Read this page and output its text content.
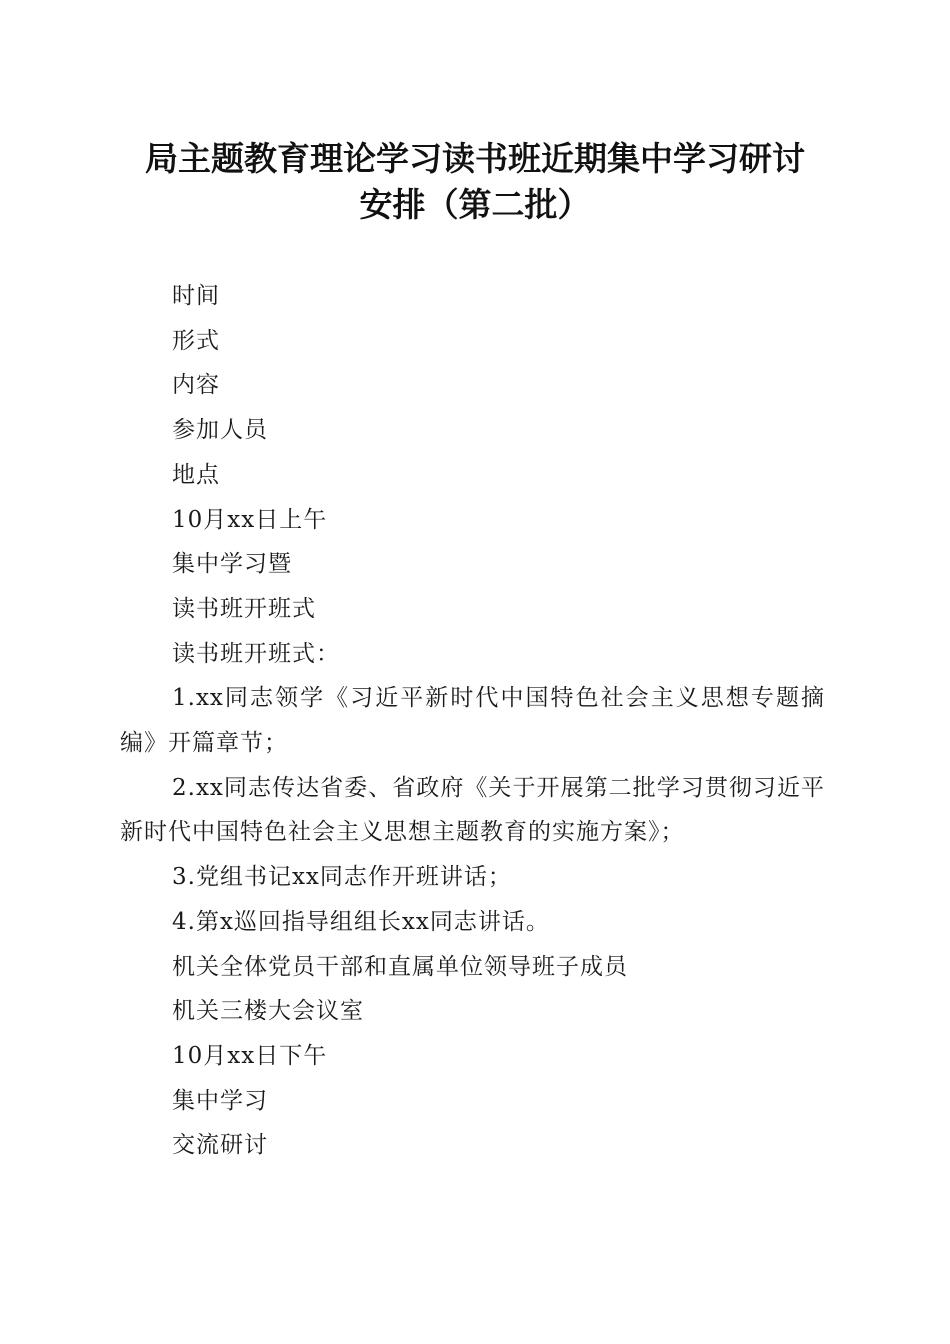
局主题教育理论学习读书班近期集中学习研讨
安排（第二批）

时间

形式

内容

参加人员

地点

10月xx日上午

集中学习暨

读书班开班式

读书班开班式：

1.xx同志领学《习近平新时代中国特色社会主义思想专题摘编》开篇章节；

2.xx同志传达省委、省政府《关于开展第二批学习贯彻习近平新时代中国特色社会主义思想主题教育的实施方案》；

3.党组书记xx同志作开班讲话；

4.第x巡回指导组组长xx同志讲话。

机关全体党员干部和直属单位领导班子成员

机关三楼大会议室

10月xx日下午

集中学习

交流研讨
